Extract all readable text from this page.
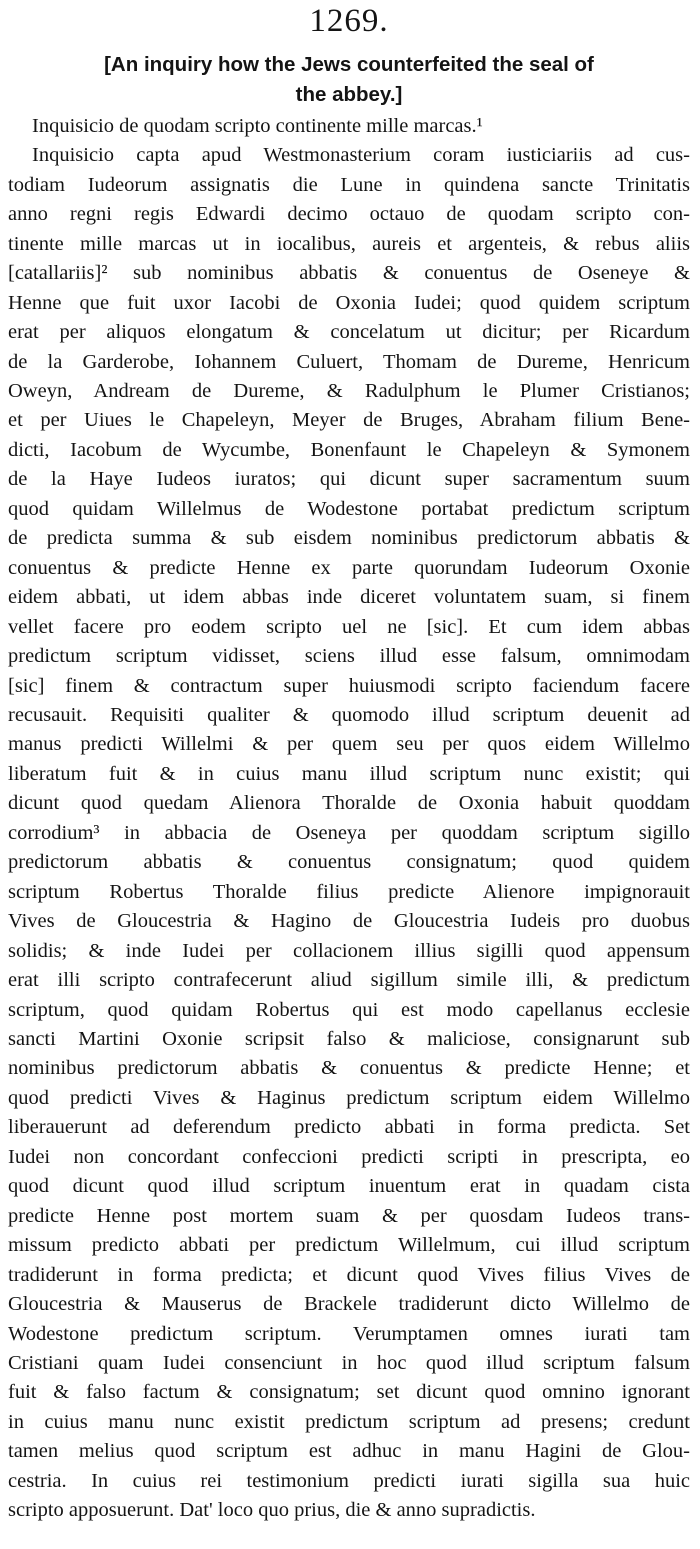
1269.
[An inquiry how the Jews counterfeited the seal of
the abbey.]
Inquisicio de quodam scripto continente mille marcas.¹
Inquisicio capta apud Westmonasterium coram iusticiariis ad cus-
todiam Iudeorum assignatis die Lune in quindena sancte Trinitatis
anno regni regis Edwardi decimo octauo de quodam scripto con-
tinente mille marcas ut in iocalibus, aureis et argenteis, & rebus aliis
[catallariis]² sub nominibus abbatis & conuentus de Oseneye &
Henne que fuit uxor Iacobi de Oxonia Iudei; quod quidem scriptum
erat per aliquos elongatum & concelatum ut dicitur; per Ricardum
de la Garderobe, Iohannem Culuert, Thomam de Dureme, Henricum
Oweyn, Andream de Dureme, & Radulphum le Plumer Cristianos;
et per Uiues le Chapeleyn, Meyer de Bruges, Abraham filium Bene-
dicti, Iacobum de Wycumbe, Bonenfaunt le Chapeleyn & Symonem
de la Haye Iudeos iuratos; qui dicunt super sacramentum suum
quod quidam Willelmus de Wodestone portabat predictum scriptum
de predicta summa & sub eisdem nominibus predictorum abbatis &
conuentus & predicte Henne ex parte quorundam Iudeorum Oxonie
eidem abbati, ut idem abbas inde diceret voluntatem suam, si finem
vellet facere pro eodem scripto uel ne [sic]. Et cum idem abbas
predictum scriptum vidisset, sciens illud esse falsum, omnimodam
[sic] finem & contractum super huiusmodi scripto faciendum facere
recusauit. Requisiti qualiter & quomodo illud scriptum deuenit ad
manus predicti Willelmi & per quem seu per quos eidem Willelmo
liberatum fuit & in cuius manu illud scriptum nunc existit; qui
dicunt quod quedam Alienora Thoralde de Oxonia habuit quoddam
corrodium³ in abbacia de Oseneya per quoddam scriptum sigillo
predictorum abbatis & conuentus consignatum; quod quidem
scriptum Robertus Thoralde filius predicte Alienore impignorauit
Vives de Gloucestria & Hagino de Gloucestria Iudeis pro duobus
solidis; & inde Iudei per collacionem illius sigilli quod appensum
erat illi scripto contrafecerunt aliud sigillum simile illi, & predictum
scriptum, quod quidam Robertus qui est modo capellanus ecclesie
sancti Martini Oxonie scripsit falso & maliciose, consignarunt sub
nominibus predictorum abbatis & conuentus & predicte Henne; et
quod predicti Vives & Haginus predictum scriptum eidem Willelmo
liberauerunt ad deferendum predicto abbati in forma predicta. Set
Iudei non concordant confeccioni predicti scripti in prescripta, eo
quod dicunt quod illud scriptum inuentum erat in quadam cista
predicte Henne post mortem suam & per quosdam Iudeos trans-
missum predicto abbati per predictum Willelmum, cui illud scriptum
tradiderunt in forma predicta; et dicunt quod Vives filius Vives de
Gloucestria & Mauserus de Brackele tradiderunt dicto Willelmo de
Wodestone predictum scriptum. Verumptamen omnes iurati tam
Cristiani quam Iudei consenciunt in hoc quod illud scriptum falsum
fuit & falso factum & consignatum; set dicunt quod omnino ignorant
in cuius manu nunc existit predictum scriptum ad presens; credunt
tamen melius quod scriptum est adhuc in manu Hagini de Glou-
cestria. In cuius rei testimonium predicti iurati sigilla sua huic
scripto apposuerunt. Dat' loco quo prius, die & anno supradictis.
